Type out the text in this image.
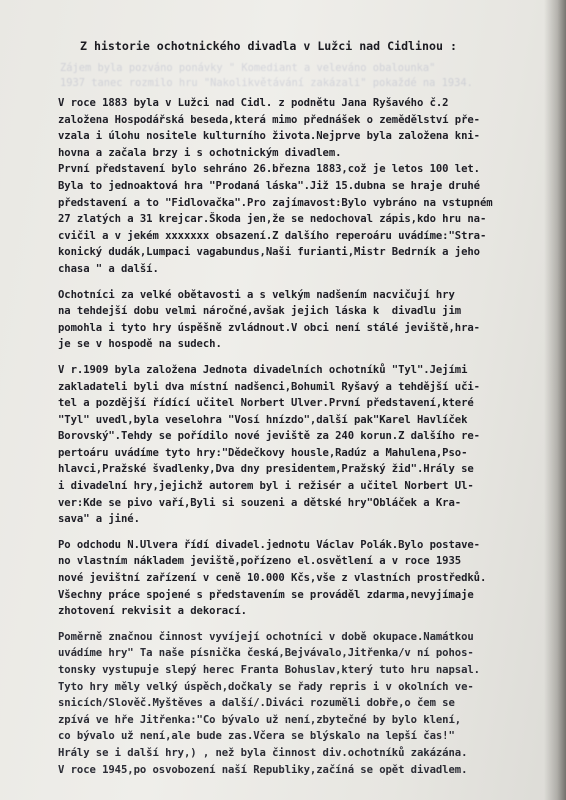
Zájem byla pozváno ponávky " Komediant a veleváno obalounka"
1937 tanec rozmilo hru "Nakolikvětávání zakázali" pokaždé na 1934.
Z historie ochotnického divadla v Lužci nad Cidlinou :
V roce 1883 byla v Lužci nad Cidl. z podnětu Jana Ryšavého č.2
založena Hospodářská beseda,která mimo přednášek o zemědělství pře-
vzala i úlohu nositele kulturního života.Nejprve byla založena kni-
hovna a začala brzy i s ochotnickým divadlem.
První představení bylo sehráno 26.března 1883,což je letos 100 let.
Byla to jednoaktová hra "Prodaná láska".Již 15.dubna se hraje druhé
představení a to "Fidlovačka".Pro zajímavost:Bylo vybráno na vstupném
27 zlatých a 31 krejcar.Škoda jen,že se nedochoval zápis,kdo hru na-
cvičil a v jekém xxxxxxx obsazení.Z dalšího reperoáru uvádíme:"Stra-
konický dudák,Lumpaci vagabundus,Naši furianti,Mistr Bedrník a jeho
chasa " a další.
Ochotníci za velké obětavosti a s velkým nadšením nacvičují hry
na tehdejší dobu velmi náročné,avšak jejich láska k  divadlu jim
pomohla i tyto hry úspěšně zvládnout.V obci není stálé jeviště,hra-
je se v hospodě na sudech.
V r.1909 byla založena Jednota divadelních ochotníků "Tyl".Jejími
zakladateli byli dva místní nadšenci,Bohumil Ryšavý a tehdější uči-
tel a pozdější řídící učitel Norbert Ulver.První představení,které
"Tyl" uvedl,byla veselohra "Vosí hnízdo",další pak"Karel Havlíček
Borovský".Tehdy se pořídilo nové jeviště za 240 korun.Z dalšího re-
pertoáru uvádíme tyto hry:"Dědečkovy housle,Radúz a Mahulena,Pso-
hlavci,Pražské švadlenky,Dva dny presidentem,Pražský žid".Hrály se
i divadelní hry,jejichž autorem byl i režisér a učitel Norbert Ul-
ver:Kde se pivo vaří,Byli si souzeni a dětské hry"Obláček a Kra-
sava" a jiné.
Po odchodu N.Ulvera řídí divadel.jednotu Václav Polák.Bylo postave-
no vlastním nákladem jeviště,pořízeno el.osvětlení a v roce 1935
nové jevištní zařízení v ceně 10.000 Kčs,vše z vlastních prostředků.
Všechny práce spojené s představením se prováděl zdarma,nevyjímaje
zhotovení rekvisit a dekorací.
Poměrně značnou činnost vyvíjejí ochotníci v době okupace.Namátkou
uvádíme hry" Ta naše písnička česká,Bejvávalo,Jitřenka/v ní pohos-
tonsky vystupuje slepý herec Franta Bohuslav,který tuto hru napsal.
Tyto hry měly velký úspěch,dočkaly se řady repris i v okolních ve-
snicích/Slověč.Myštěves a další/.Diváci rozuměli dobře,o čem se
zpívá ve hře Jitřenka:"Co bývalo už není,zbytečné by bylo klení,
co bývalo už není,ale bude zas.Včera se blýskalo na lepší čas!"
Hrály se i další hry,) , než byla činnost div.ochotníků zakázána.
V roce 1945,po osvobození naší Republiky,začíná se opět divadlem.
